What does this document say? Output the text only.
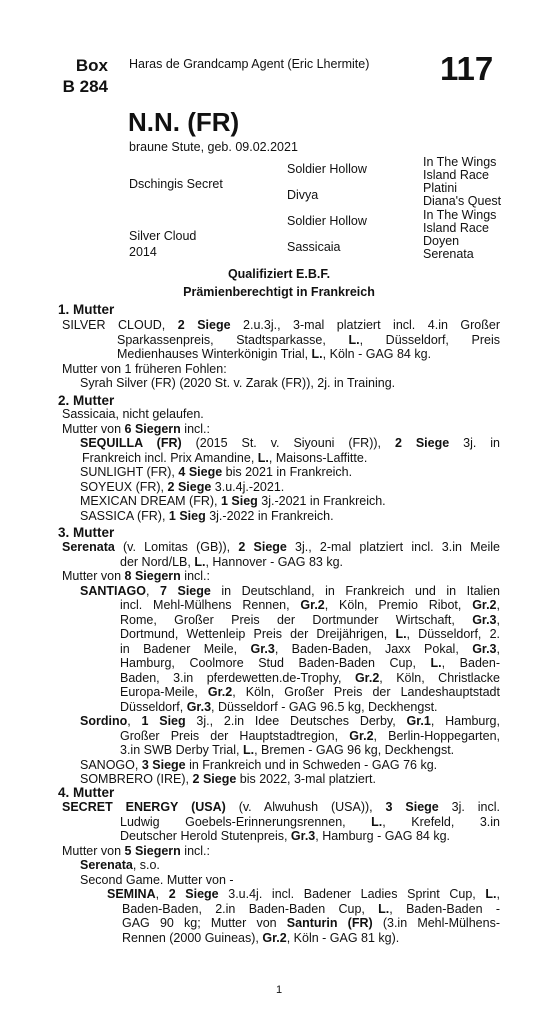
Box
B 284
Haras de Grandcamp Agent (Eric Lhermite) 117
N.N. (FR)
braune Stute, geb. 09.02.2021
Dschingis Secret
Silver Cloud
2014
Soldier Hollow
Divya
Soldier Hollow
Sassicaia
In The Wings
Island Race
Platini
Diana's Quest
In The Wings
Island Race
Doyen
Serenata
Qualifiziert E.B.F.
Prämienberechtigt in Frankreich
1. Mutter
SILVER CLOUD, 2 Siege 2.u.3j., 3-mal platziert incl. 4.in Großer
Sparkassenpreis, Stadtsparkasse, L., Düsseldorf, Preis
Medienhauses Winterkönigin Trial, L., Köln - GAG 84 kg.
Mutter von 1 früheren Fohlen:
Syrah Silver (FR) (2020 St. v. Zarak (FR)), 2j. in Training.
2. Mutter
Sassicaia, nicht gelaufen.
Mutter von 6 Siegern incl.:
SEQUILLA (FR) (2015 St. v. Siyouni (FR)), 2 Siege 3j. in
Frankreich incl. Prix Amandine, L., Maisons-Laffitte.
SUNLIGHT (FR), 4 Siege bis 2021 in Frankreich.
SOYEUX (FR), 2 Siege 3.u.4j.-2021.
MEXICAN DREAM (FR), 1 Sieg 3j.-2021 in Frankreich.
SASSICA (FR), 1 Sieg 3j.-2022 in Frankreich.
3. Mutter
Serenata (v. Lomitas (GB)), 2 Siege 3j., 2-mal platziert incl. 3.in Meile
der Nord/LB, L., Hannover - GAG 83 kg.
Mutter von 8 Siegern incl.:
SANTIAGO, 7 Siege in Deutschland, in Frankreich und in Italien
incl. Mehl-Mülhens Rennen, Gr.2, Köln, Premio Ribot, Gr.2,
Rome, Großer Preis der Dortmunder Wirtschaft, Gr.3,
Dortmund, Wettenleip Preis der Dreijährigen, L., Düsseldorf, 2.
in Badener Meile, Gr.3, Baden-Baden, Jaxx Pokal, Gr.3,
Hamburg, Coolmore Stud Baden-Baden Cup, L., Baden-
Baden, 3.in pferdewetten.de-Trophy, Gr.2, Köln, Christlacke
Europa-Meile, Gr.2, Köln, Großer Preis der Landeshauptstadt
Düsseldorf, Gr.3, Düsseldorf - GAG 96.5 kg, Deckhengst.
Sordino, 1 Sieg 3j., 2.in Idee Deutsches Derby, Gr.1, Hamburg,
Großer Preis der Hauptstadtregion, Gr.2, Berlin-Hoppegarten,
3.in SWB Derby Trial, L., Bremen - GAG 96 kg, Deckhengst.
SANOGO, 3 Siege in Frankreich und in Schweden - GAG 76 kg.
SOMBRERO (IRE), 2 Siege bis 2022, 3-mal platziert.
4. Mutter
SECRET ENERGY (USA) (v. Alwuhush (USA)), 3 Siege 3j. incl.
Ludwig Goebels-Erinnerungsrennen, L., Krefeld, 3.in
Deutscher Herold Stutenpreis, Gr.3, Hamburg - GAG 84 kg.
Mutter von 5 Siegern incl.:
Serenata, s.o.
Second Game. Mutter von -
SEMINA, 2 Siege 3.u.4j. incl. Badener Ladies Sprint Cup, L.,
Baden-Baden, 2.in Baden-Baden Cup, L., Baden-Baden -
GAG 90 kg; Mutter von Santurin (FR) (3.in Mehl-Mülhens-
Rennen (2000 Guineas), Gr.2, Köln - GAG 81 kg).
1
